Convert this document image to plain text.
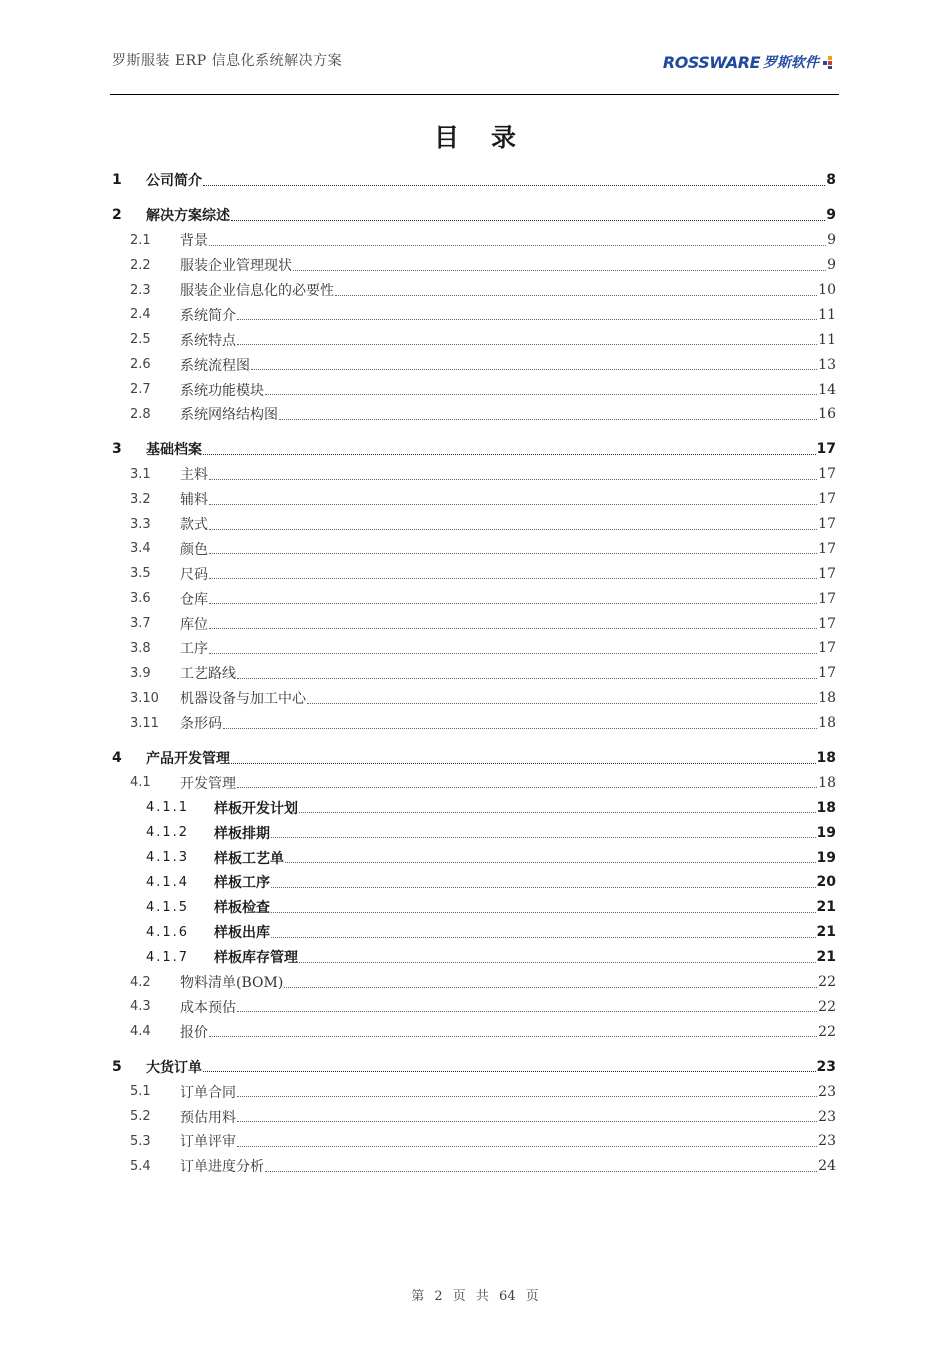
罗斯服装 ERP 信息化系统解决方案	ROSSWARE 罗斯软件
目录
1 公司简介	8
2 解决方案综述	9
2.1 背景	9
2.2 服装企业管理现状	9
2.3 服装企业信息化的必要性	10
2.4 系统简介	11
2.5 系统特点	11
2.6 系统流程图	13
2.7 系统功能模块	14
2.8 系统网络结构图	16
3 基础档案	17
3.1 主料	17
3.2 辅料	17
3.3 款式	17
3.4 颜色	17
3.5 尺码	17
3.6 仓库	17
3.7 库位	17
3.8 工序	17
3.9 工艺路线	17
3.10 机器设备与加工中心	18
3.11 条形码	18
4 产品开发管理	18
4.1 开发管理	18
4.1.1 样板开发计划	18
4.1.2 样板排期	19
4.1.3 样板工艺单	19
4.1.4 样板工序	20
4.1.5 样板检查	21
4.1.6 样板出库	21
4.1.7 样板库存管理	21
4.2 物料清单(BOM)	22
4.3 成本预估	22
4.4 报价	22
5 大货订单	23
5.1 订单合同	23
5.2 预估用料	23
5.3 订单评审	23
5.4 订单进度分析	24
第 2 页 共 64 页
